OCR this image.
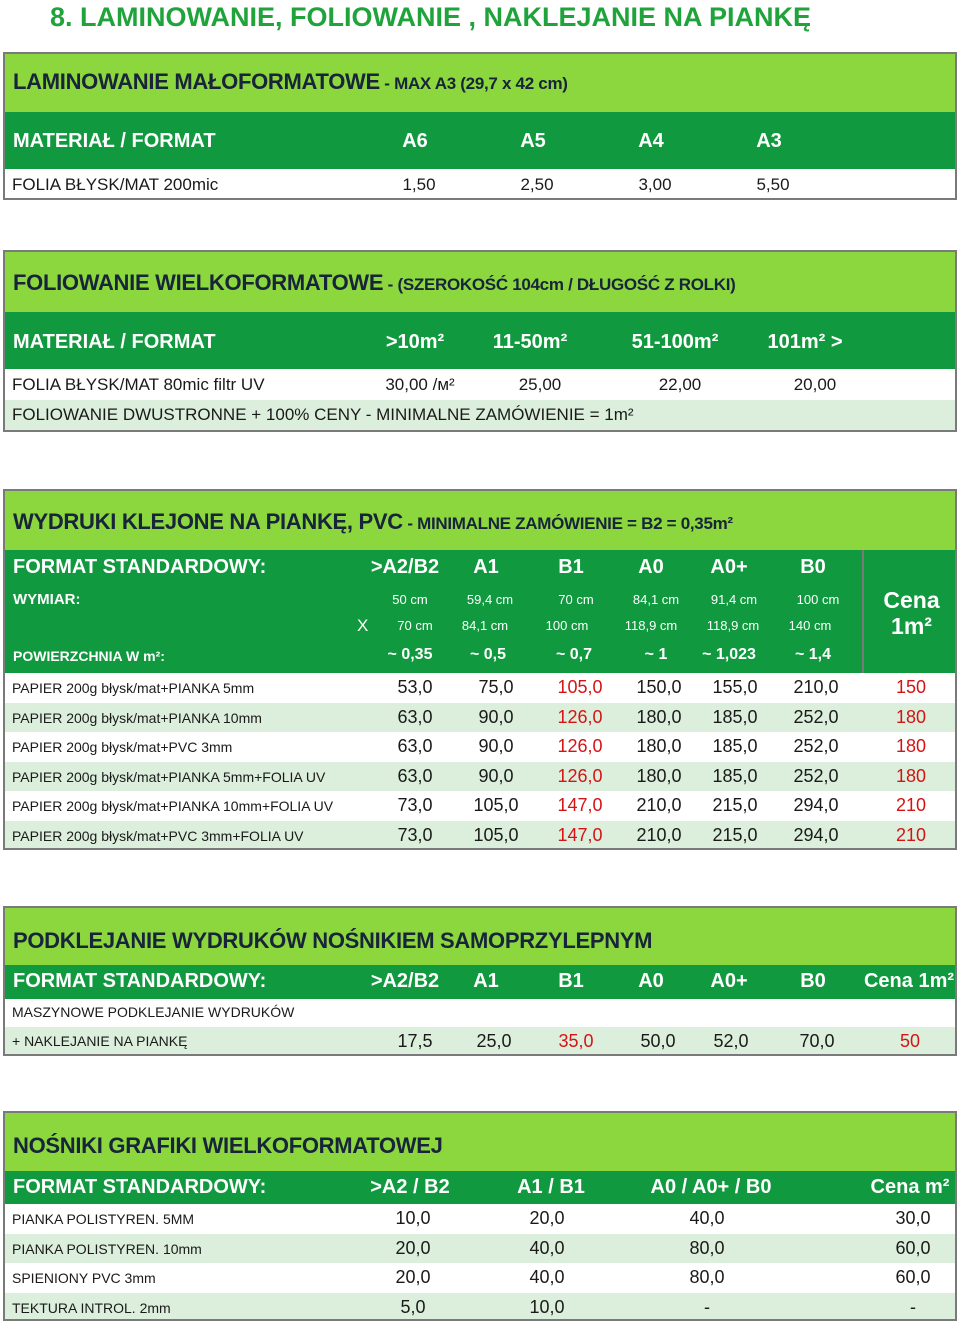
8. LAMINOWANIE, FOLIOWANIE , NAKLEJANIE NA PIANKĘ
LAMINOWANIE MAŁOFORMATOWE - MAX A3 (29,7 x 42 cm)
MATERIAŁ / FORMAT	A6	A5	A4	A3
FOLIA BŁYSK/MAT 200mic	1,50	2,50	3,00	5,50
FOLIOWANIE WIELKOFORMATOWE - (SZEROKOŚĆ 104cm / DŁUGOŚĆ Z ROLKI)
MATERIAŁ / FORMAT	>10m²	11-50m²	51-100m²	101m² >
FOLIA BŁYSK/MAT 80mic filtr UV	30,00 /м²	25,00	22,00	20,00
FOLIOWANIE DWUSTRONNE + 100% CENY - MINIMALNE ZAMÓWIENIE = 1m²
WYDRUKI KLEJONE NA PIANKĘ, PVC - MINIMALNE ZAMÓWIENIE = B2 = 0,35m²
FORMAT STANDARDOWY:	>A2/B2	A1	B1	A0	A0+	B0
WYMIAR:	50 cm	59,4 cm	70 cm	84,1 cm	91,4 cm	100 cm
X	70 cm	84,1 cm	100 cm	118,9 cm	118,9 cm	140 cm
POWIERZCHNIA W m²:	~ 0,35	~ 0,5	~ 0,7	~ 1	~ 1,023	~ 1,4
Cena
1m²
PAPIER 200g błysk/mat+PIANKA 5mm	53,0	75,0	105,0	150,0	155,0	210,0	150
PAPIER 200g błysk/mat+PIANKA 10mm	63,0	90,0	126,0	180,0	185,0	252,0	180
PAPIER 200g błysk/mat+PVC 3mm	63,0	90,0	126,0	180,0	185,0	252,0	180
PAPIER 200g błysk/mat+PIANKA 5mm+FOLIA UV	63,0	90,0	126,0	180,0	185,0	252,0	180
PAPIER 200g błysk/mat+PIANKA 10mm+FOLIA UV	73,0	105,0	147,0	210,0	215,0	294,0	210
PAPIER 200g błysk/mat+PVC 3mm+FOLIA UV	73,0	105,0	147,0	210,0	215,0	294,0	210
PODKLEJANIE WYDRUKÓW NOŚNIKIEM SAMOPRZYLEPNYM
FORMAT STANDARDOWY:	>A2/B2	A1	B1	A0	A0+	B0	Cena 1m²
MASZYNOWE PODKLEJANIE WYDRUKÓW
+ NAKLEJANIE NA PIANKĘ	17,5	25,0	35,0	50,0	52,0	70,0	50
NOŚNIKI GRAFIKI WIELKOFORMATOWEJ
FORMAT STANDARDOWY:	>A2 / B2	A1 / B1	A0 / A0+ / B0	Cena m²
PIANKA POLISTYREN. 5MM	10,0	20,0	40,0	30,0
PIANKA POLISTYREN. 10mm	20,0	40,0	80,0	60,0
SPIENIONY PVC 3mm	20,0	40,0	80,0	60,0
TEKTURA INTROL. 2mm	5,0	10,0	-	-
